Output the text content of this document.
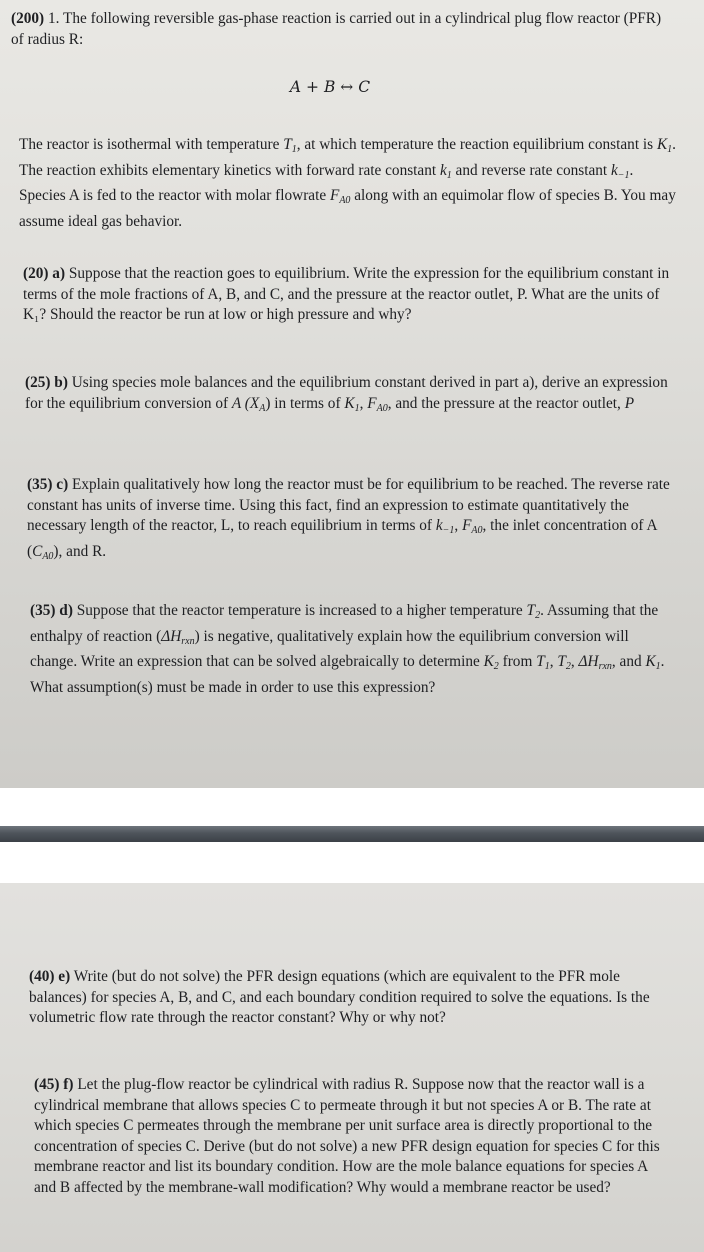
(200) 1. The following reversible gas-phase reaction is carried out in a cylindrical plug flow reactor (PFR) of radius R:

A + B ↔ C

The reactor is isothermal with temperature $T_1$, at which temperature the reaction equilibrium constant is $K_1$. The reaction exhibits elementary kinetics with forward rate constant $k_1$ and reverse rate constant $k_{-1}$. Species A is fed to the reactor with molar flowrate $F_{A0}$ along with an equimolar flow of species B. You may assume ideal gas behavior.

(20) a) Suppose that the reaction goes to equilibrium. Write the expression for the equilibrium constant in terms of the mole fractions of A, B, and C, and the pressure at the reactor outlet, P. What are the units of K₁? Should the reactor be run at low or high pressure and why?

(25) b) Using species mole balances and the equilibrium constant derived in part a), derive an expression for the equilibrium conversion of A $(X_A)$ in terms of $K_1$, $F_{A0}$, and the pressure at the reactor outlet, P

(35) c) Explain qualitatively how long the reactor must be for equilibrium to be reached. The reverse rate constant has units of inverse time. Using this fact, find an expression to estimate quantitatively the necessary length of the reactor, L, to reach equilibrium in terms of $k_{-1}$, $F_{A0}$, the inlet concentration of A $(C_{A0})$, and R.

(35) d) Suppose that the reactor temperature is increased to a higher temperature $T_2$. Assuming that the enthalpy of reaction $(\Delta H_{rxn})$ is negative, qualitatively explain how the equilibrium conversion will change. Write an expression that can be solved algebraically to determine $K_2$ from $T_1$, $T_2$, $\Delta H_{rxn}$, and $K_1$. What assumption(s) must be made in order to use this expression?

(40) e) Write (but do not solve) the PFR design equations (which are equivalent to the PFR mole balances) for species A, B, and C, and each boundary condition required to solve the equations. Is the volumetric flow rate through the reactor constant? Why or why not?

(45) f) Let the plug-flow reactor be cylindrical with radius R. Suppose now that the reactor wall is a cylindrical membrane that allows species C to permeate through it but not species A or B. The rate at which species C permeates through the membrane per unit surface area is directly proportional to the concentration of species C. Derive (but do not solve) a new PFR design equation for species C for this membrane reactor and list its boundary condition. How are the mole balance equations for species A and B affected by the membrane-wall modification? Why would a membrane reactor be used?
